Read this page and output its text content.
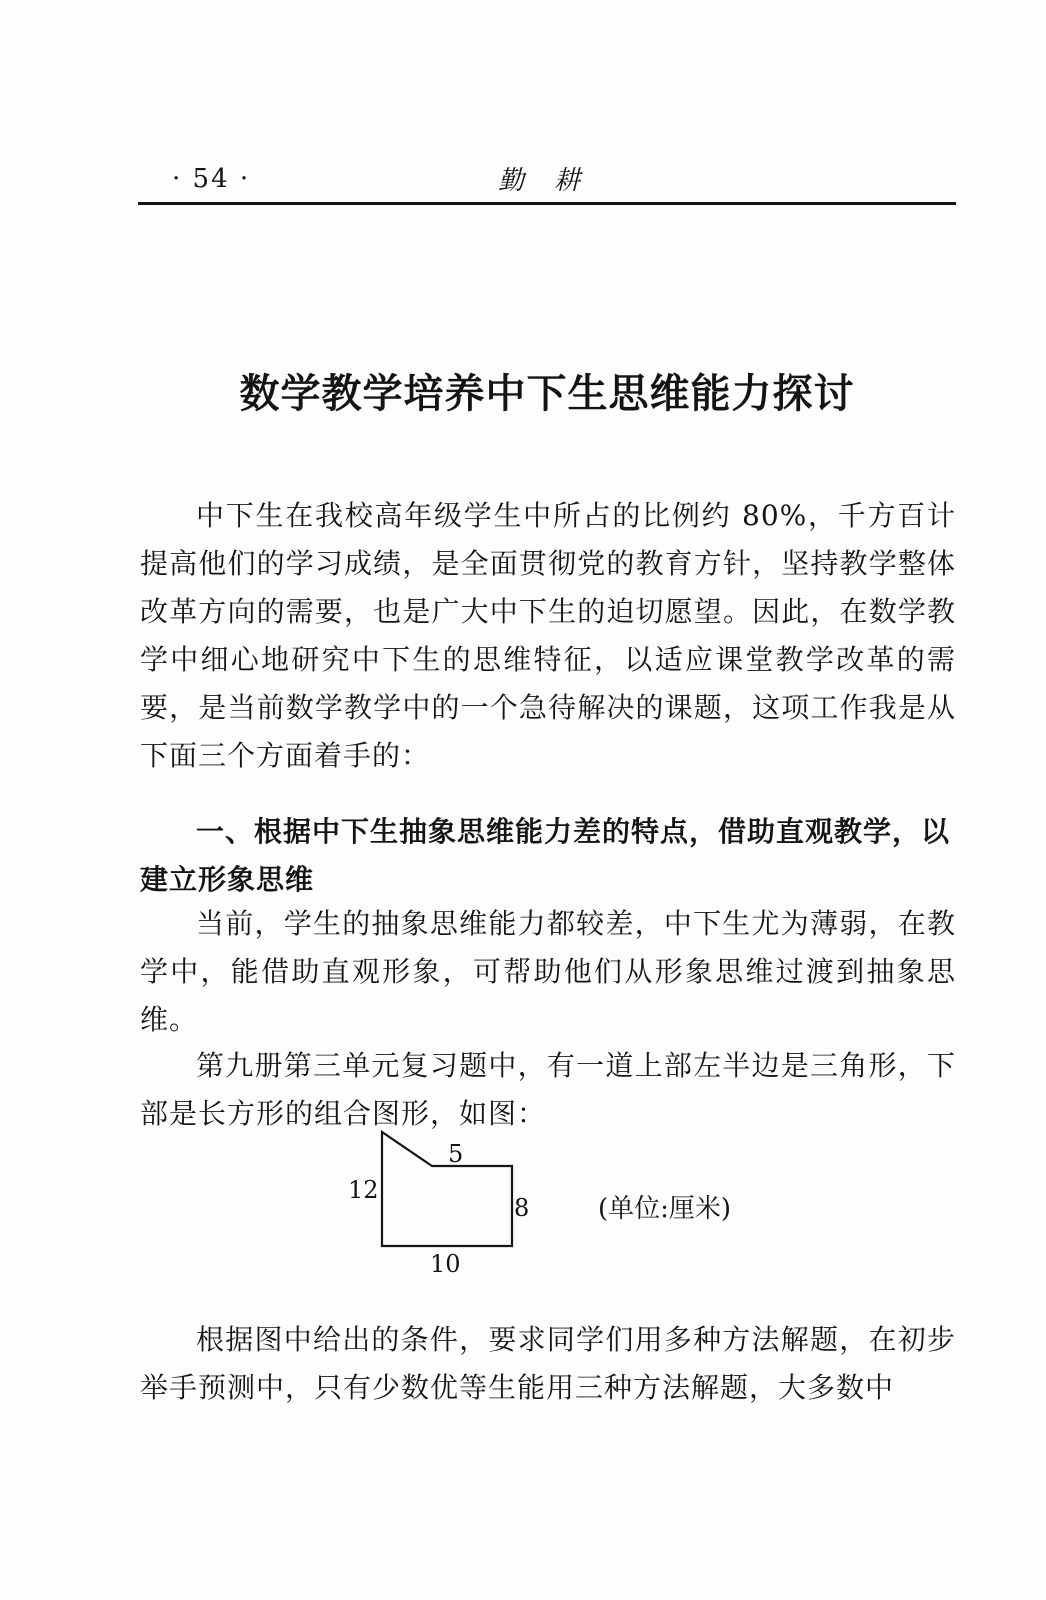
· 54 ·	勤耕
数学教学培养中下生思维能力探讨

中下生在我校高年级学生中所占的比例约 80%，千方百计提高他们的学习成绩，是全面贯彻党的教育方针，坚持教学整体改革方向的需要，也是广大中下生的迫切愿望。因此，在数学教学中细心地研究中下生的思维特征，以适应课堂教学改革的需要，是当前数学教学中的一个急待解决的课题，这项工作我是从下面三个方面着手的：

一、根据中下生抽象思维能力差的特点，借助直观教学，以建立形象思维

当前，学生的抽象思维能力都较差，中下生尤为薄弱，在教学中，能借助直观形象，可帮助他们从形象思维过渡到抽象思维。

第九册第三单元复习题中，有一道上部左半边是三角形，下部是长方形的组合图形，如图：

5
12
8
10
(单位:厘米)

根据图中给出的条件，要求同学们用多种方法解题，在初步举手预测中，只有少数优等生能用三种方法解题，大多数中
